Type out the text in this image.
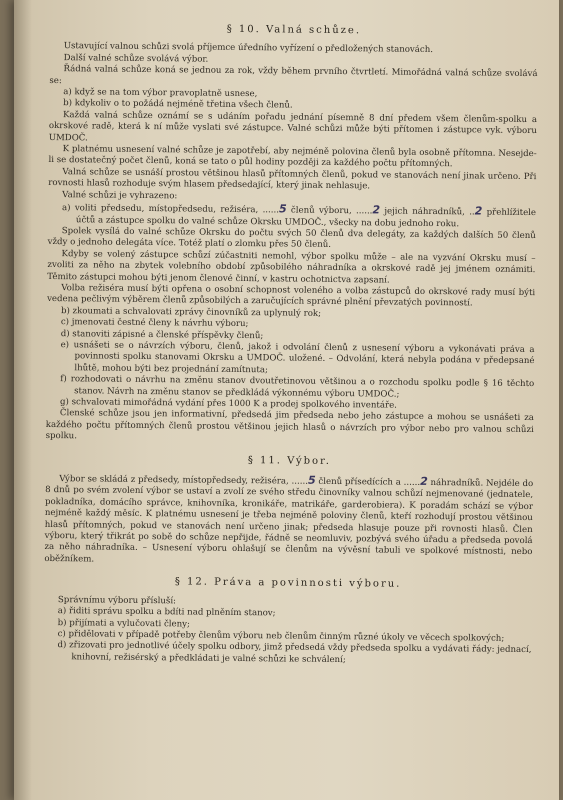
§ 10. Valná schůze.

Ustavující valnou schůzi svolá příjemce úředního vyřízení o předložených stanovách.

Další valné schůze svolává výbor.

Řádná valná schůze koná se jednou za rok, vždy během prvního čtvrtletí. Mimořádná valná schůze svolává se:

a) když se na tom výbor pravoplatně usnese,

b) kdykoliv o to požádá nejméně třetina všech členů.

Každá valná schůze oznámí se s udáním pořadu jednání písemně 8 dní předem všem členům-spolku a okrskové radě, která k ní může vyslati své zástupce. Valné schůzi může býti přítomen i zástupce vyk. výboru UMDOČ.

K platnému usnesení valné schůze je zapotřebí, aby nejméně polovina členů byla osobně přítomna. Nesejde-li se dostatečný počet členů, koná se tato o půl hodiny později za každého počtu přítomných.

Valná schůze se usnáší prostou většinou hlasů přítomných členů, pokud ve stanovách není jinak určeno. Při rovnosti hlasů rozhoduje svým hlasem předsedající, který jinak nehlasuje.

Valné schůzi je vyhrazeno:

a) voliti předsedu, místopředsedu, režiséra, ......5 členů výboru, ......2 jejich náhradníků, ..2 přehlížitele účtů a zástupce spolku do valné schůze Okrsku UMDOČ., všecky na dobu jednoho roku.

Spolek vysílá do valné schůze Okrsku do počtu svých 50 členů dva delegáty, za každých dalších 50 členů vždy o jednoho delegáta více. Totéž platí o zlomku přes 50 členů.

Kdyby se volený zástupce schůzí zúčastniti nemohl, výbor spolku může – ale na vyzvání Okrsku musí – zvoliti za něho na zbytek volebního období způsobilého náhradníka a okrskové radě jej jménem oznámiti. Těmito zástupci mohou býti jenom členové činní, v kastru ochotnictva zapsaní.

Volba režiséra musí býti opřena o osobní schopnost voleného a volba zástupců do okrskové rady musí býti vedena pečlivým výběrem členů způsobilých a zaručujících správné plnění převzatých povinností.

b) zkoumati a schvalovati zprávy činovníků za uplynulý rok;

c) jmenovati čestné členy k návrhu výboru;

d) stanoviti zápisné a členské příspěvky členů;

e) usnášeti se o návrzích výboru, členů, jakož i odvolání členů z usnesení výboru a vykonávati práva a povinnosti spolku stanovami Okrsku a UMDOČ. uložené. – Odvolání, která nebyla podána v předepsané lhůtě, mohou býti bez projednání zamítnuta;

f) rozhodovati o návrhu na změnu stanov dvoutřetinovou většinou a o rozchodu spolku podle § 16 těchto stanov. Návrh na změnu stanov se předkládá výkonnému výboru UMDOČ.;

g) schvalovati mimořádná vydání přes 1000 K a prodej spolkového inventáře.

Členské schůze jsou jen informativní, předsedá jim předseda nebo jeho zástupce a mohou se usnášeti za každého počtu přítomných členů prostou většinou jejich hlasů o návrzích pro výbor nebo pro valnou schůzi spolku.

§ 11. Výbor.

Výbor se skládá z předsedy, místopředsedy, režiséra, ......5 členů přísedících a ......2 náhradníků. Nejdéle do 8 dnů po svém zvolení výbor se ustaví a zvolí ze svého středu činovníky valnou schůzí nejmenované (jednatele, pokladníka, domácího správce, knihovníka, kronikáře, matrikáře, garderobiera). K poradám schází se výbor nejméně každý měsíc. K platnému usnesení je třeba nejméně poloviny členů, kteří rozhodují prostou většinou hlasů přítomných, pokud ve stanovách není určeno jinak; předseda hlasuje pouze při rovnosti hlasů. Člen výboru, který třikrát po sobě do schůze nepřijde, řádně se neomluviv, pozbývá svého úřadu a předseda povolá za něho náhradníka. – Usnesení výboru ohlašují se členům na vývěsní tabuli ve spolkové místnosti, nebo oběžníkem.

§ 12. Práva a povinnosti výboru.

Správnímu výboru přísluší:

a) řiditi správu spolku a bdíti nad plněním stanov;

b) přijímati a vylučovati členy;

c) přidělovati v případě potřeby členům výboru neb členům činným různé úkoly ve věcech spolkových;

d) zřizovati pro jednotlivé účely spolku odbory, jimž předsedá vždy předseda spolku a vydávati řády: jednací, knihovní, režisérský a předkládati je valné schůzi ke schválení;
